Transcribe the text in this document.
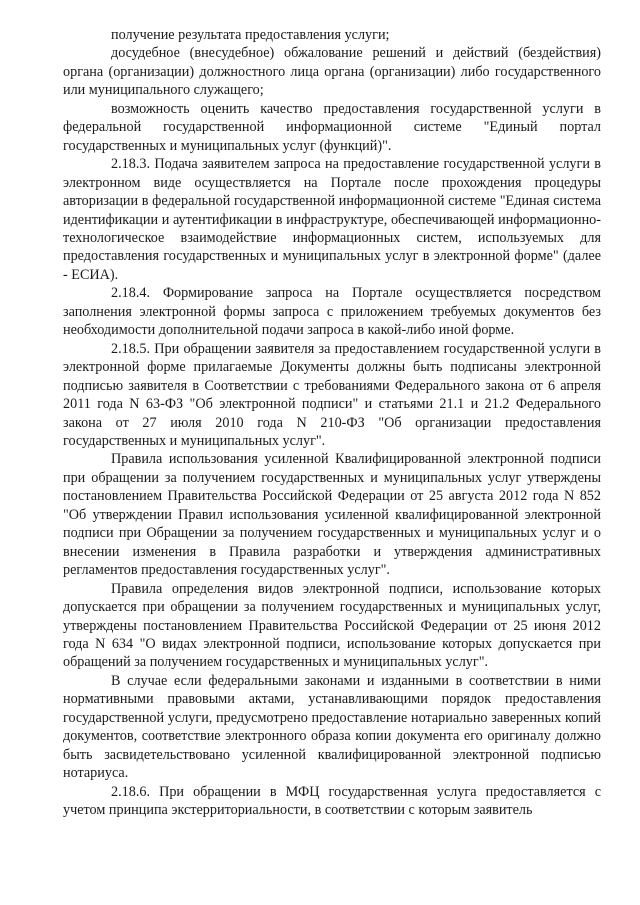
получение результата предоставления услуги;

досудебное (внесудебное) обжалование решений и действий (бездействия) органа (организации) должностного лица органа (организации) либо государственного или муниципального служащего;

возможность оценить качество предоставления государственной услуги в федеральной государственной информационной системе "Единый портал государственных и муниципальных услуг (функций)".

2.18.3. Подача заявителем запроса на предоставление государственной услуги в электронном виде осуществляется на Портале после прохождения процедуры авторизации в федеральной государственной информационной системе "Единая система идентификации и аутентификации в инфраструктуре, обеспечивающей информационно-технологическое взаимодействие информационных систем, используемых для предоставления государственных и муниципальных услуг в электронной форме" (далее - ЕСИА).

2.18.4. Формирование запроса на Портале осуществляется посредством заполнения электронной формы запроса с приложением требуемых документов без необходимости дополнительной подачи запроса в какой-либо иной форме.

2.18.5. При обращении заявителя за предоставлением государственной услуги в электронной форме прилагаемые Документы должны быть подписаны электронной подписью заявителя в Соответствии с требованиями Федерального закона от 6 апреля 2011 года N 63-ФЗ "Об электронной подписи" и статьями 21.1 и 21.2 Федерального закона от 27 июля 2010 года N 210-ФЗ "Об организации предоставления государственных и муниципальных услуг".

Правила использования усиленной Квалифицированной электронной подписи при обращении за получением государственных и муниципальных услуг утверждены постановлением Правительства Российской Федерации от 25 августа 2012 года N 852 "Об утверждении Правил использования усиленной квалифицированной электронной подписи при Обращении за получением государственных и муниципальных услуг и о внесении изменения в Правила разработки и утверждения административных регламентов предоставления государственных услуг".

Правила определения видов электронной подписи, использование которых допускается при обращении за получением государственных и муниципальных услуг, утверждены постановлением Правительства Российской Федерации от 25 июня 2012 года N 634 "О видах электронной подписи, использование которых допускается при обращений за получением государственных и муниципальных услуг".

В случае если федеральными законами и изданными в соответствии в ними нормативными правовыми актами, устанавливающими порядок предоставления государственной услуги, предусмотрено предоставление нотариально заверенных копий документов, соответствие электронного образа копии документа его оригиналу должно быть засвидетельствовано усиленной квалифицированной электронной подписью нотариуса.

2.18.6. При обращении в МФЦ государственная услуга предоставляется с учетом принципа экстерриториальности, в соответствии с которым заявитель
